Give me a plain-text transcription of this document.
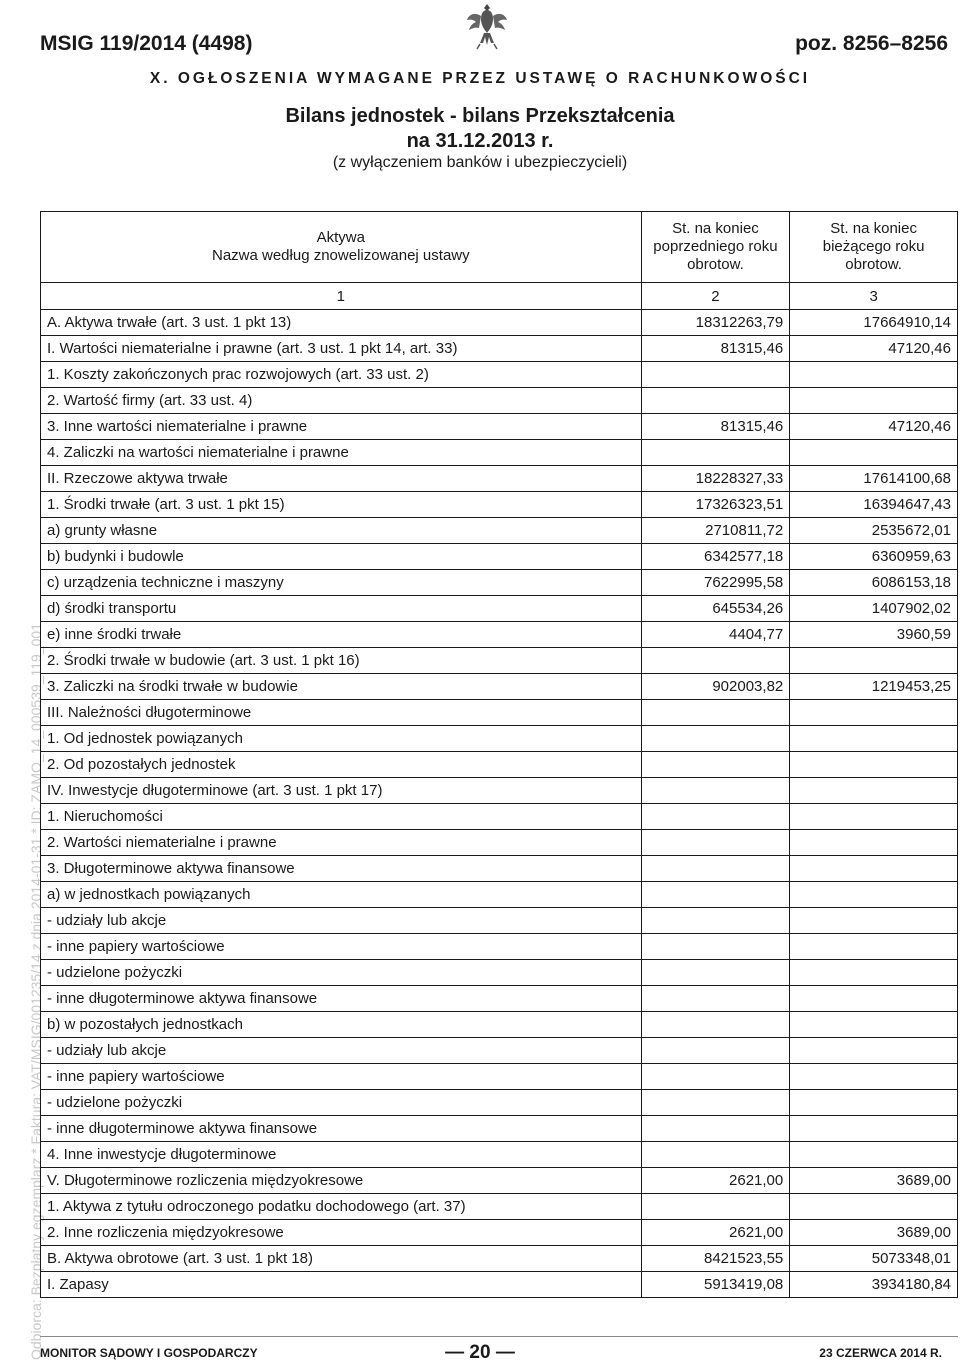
MSIG 119/2014 (4498)	poz. 8256–8256
X. OGŁOSZENIA WYMAGANE PRZEZ USTAWĘ O RACHUNKOWOŚCI
Bilans jednostek - bilans Przekształcenia
na 31.12.2013 r.
(z wyłączeniem banków i ubezpieczycieli)
Odbiorca: Bezpłatny egzemplarz * Faktura: VAT/MSIG/001235/14 z dnia 2014-01-31 * ID: ZAMO_14_000539_119_001
Aktywa
Nazwa według znowelizowanej ustawy	St. na koniec poprzedniego roku obrotow.	St. na koniec bieżącego roku obrotow.
1	2	3
A. Aktywa trwałe (art. 3 ust. 1 pkt 13)	18312263,79	17664910,14
I. Wartości niematerialne i prawne (art. 3 ust. 1 pkt 14, art. 33)	81315,46	47120,46
1. Koszty zakończonych prac rozwojowych (art. 33 ust. 2)		
2. Wartość firmy (art. 33 ust. 4)		
3. Inne wartości niematerialne i prawne	81315,46	47120,46
4. Zaliczki na wartości niematerialne i prawne		
II. Rzeczowe aktywa trwałe	18228327,33	17614100,68
1. Środki trwałe (art. 3 ust. 1 pkt 15)	17326323,51	16394647,43
a) grunty własne	2710811,72	2535672,01
b) budynki i budowle	6342577,18	6360959,63
c) urządzenia techniczne i maszyny	7622995,58	6086153,18
d) środki transportu	645534,26	1407902,02
e) inne środki trwałe	4404,77	3960,59
2. Środki trwałe w budowie (art. 3 ust. 1 pkt 16)		
3. Zaliczki na środki trwałe w budowie	902003,82	1219453,25
III. Należności długoterminowe		
1. Od jednostek powiązanych		
2. Od pozostałych jednostek		
IV. Inwestycje długoterminowe (art. 3 ust. 1 pkt 17)		
1. Nieruchomości		
2. Wartości niematerialne i prawne		
3. Długoterminowe aktywa finansowe		
a) w jednostkach powiązanych		
- udziały lub akcje		
- inne papiery wartościowe		
- udzielone pożyczki		
- inne długoterminowe aktywa finansowe		
b) w pozostałych jednostkach		
- udziały lub akcje		
- inne papiery wartościowe		
- udzielone pożyczki		
- inne długoterminowe aktywa finansowe		
4. Inne inwestycje długoterminowe		
V. Długoterminowe rozliczenia międzyokresowe	2621,00	3689,00
1. Aktywa z tytułu odroczonego podatku dochodowego (art. 37)		
2. Inne rozliczenia międzyokresowe	2621,00	3689,00
B. Aktywa obrotowe (art. 3 ust. 1 pkt 18)	8421523,55	5073348,01
I. Zapasy	5913419,08	3934180,84
MONITOR SĄDOWY I GOSPODARCZY	— 20 —	23 CZERWCA 2014 R.
